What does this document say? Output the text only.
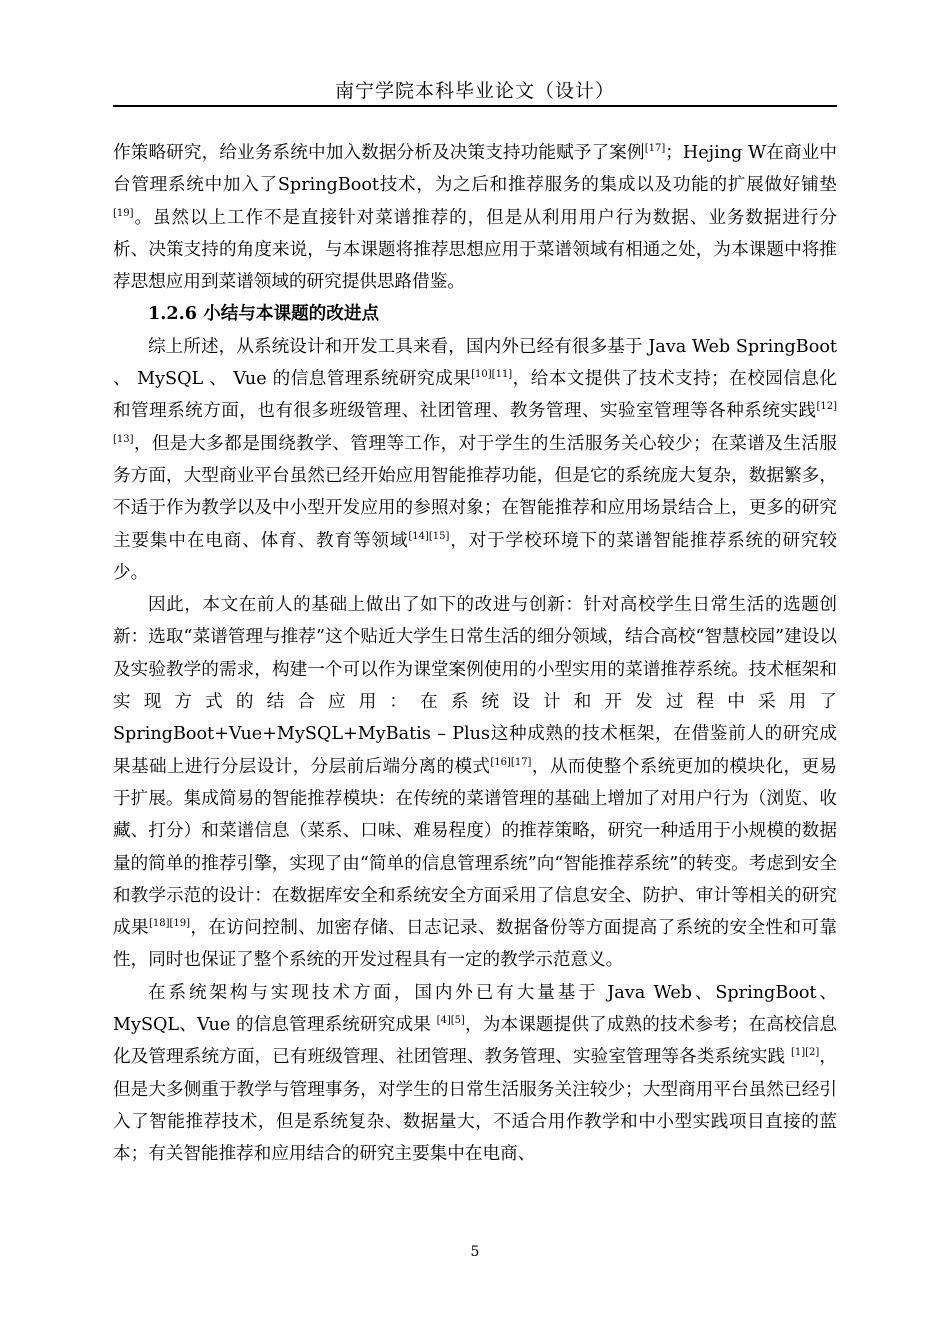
南宁学院本科毕业论文（设计）

作策略研究，给业务系统中加入数据分析及决策支持功能赋予了案例[17]；Hejing W在商业中台管理系统中加入了SpringBoot技术，为之后和推荐服务的集成以及功能的扩展做好铺垫[19]。虽然以上工作不是直接针对菜谱推荐的，但是从利用用户行为数据、业务数据进行分析、决策支持的角度来说，与本课题将推荐思想应用于菜谱领域有相通之处，为本课题中将推荐思想应用到菜谱领域的研究提供思路借鉴。

1.2.6 小结与本课题的改进点

综上所述，从系统设计和开发工具来看，国内外已经有很多基于 Java Web SpringBoot 、 MySQL 、 Vue 的信息管理系统研究成果[10][11]，给本文提供了技术支持；在校园信息化和管理系统方面，也有很多班级管理、社团管理、教务管理、实验室管理等各种系统实践[12][13]，但是大多都是围绕教学、管理等工作，对于学生的生活服务关心较少；在菜谱及生活服务方面，大型商业平台虽然已经开始应用智能推荐功能，但是它的系统庞大复杂，数据繁多，不适于作为教学以及中小型开发应用的参照对象；在智能推荐和应用场景结合上，更多的研究主要集中在电商、体育、教育等领域[14][15]，对于学校环境下的菜谱智能推荐系统的研究较少。

因此，本文在前人的基础上做出了如下的改进与创新：针对高校学生日常生活的选题创新：选取“菜谱管理与推荐”这个贴近大学生日常生活的细分领域，结合高校“智慧校园”建设以及实验教学的需求，构建一个可以作为课堂案例使用的小型实用的菜谱推荐系统。技术框架和实现方式的结合应用：在系统设计和开发过程中采用了SpringBoot+Vue+MySQL+MyBatis – Plus这种成熟的技术框架，在借鉴前人的研究成果基础上进行分层设计，分层前后端分离的模式[16][17]，从而使整个系统更加的模块化，更易于扩展。集成简易的智能推荐模块：在传统的菜谱管理的基础上增加了对用户行为（浏览、收藏、打分）和菜谱信息（菜系、口味、难易程度）的推荐策略，研究一种适用于小规模的数据量的简单的推荐引擎，实现了由“简单的信息管理系统”向“智能推荐系统”的转变。考虑到安全和教学示范的设计：在数据库安全和系统安全方面采用了信息安全、防护、审计等相关的研究成果[18][19]，在访问控制、加密存储、日志记录、数据备份等方面提高了系统的安全性和可靠性，同时也保证了整个系统的开发过程具有一定的教学示范意义。

在系统架构与实现技术方面，国内外已有大量基于 Java Web、SpringBoot、MySQL、Vue 的信息管理系统研究成果 [4][5]，为本课题提供了成熟的技术参考；在高校信息化及管理系统方面，已有班级管理、社团管理、教务管理、实验室管理等各类系统实践 [1][2]，但是大多侧重于教学与管理事务，对学生的日常生活服务关注较少；大型商用平台虽然已经引入了智能推荐技术，但是系统复杂、数据量大，不适合用作教学和中小型实践项目直接的蓝本；有关智能推荐和应用结合的研究主要集中在电商、

5
